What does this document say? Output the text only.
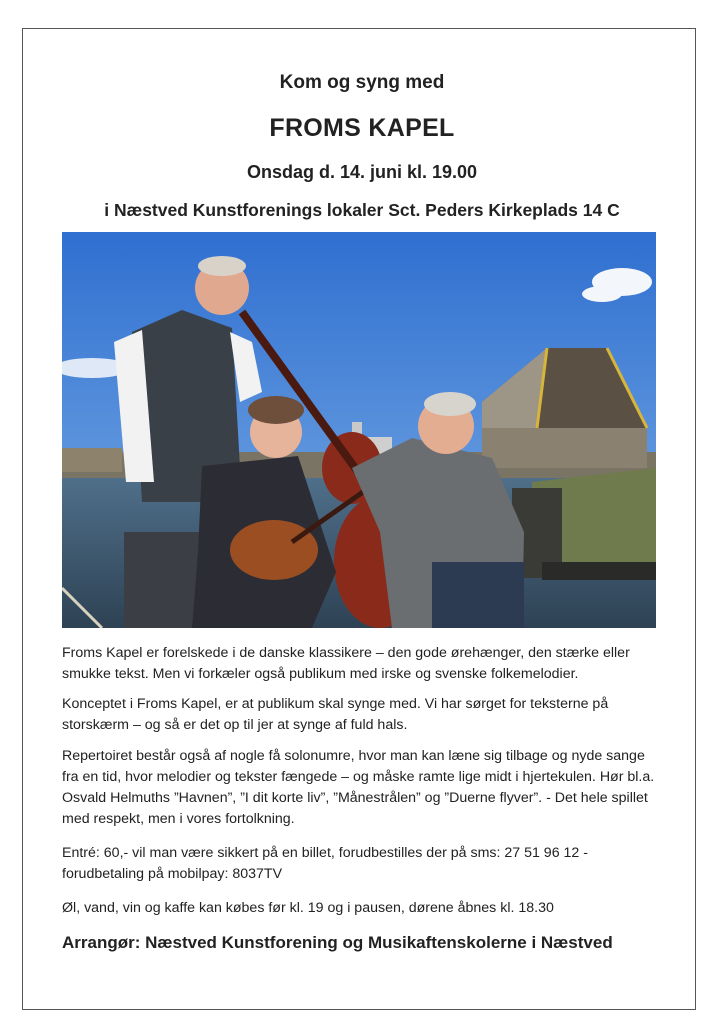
Kom og syng med
FROMS KAPEL
Onsdag d. 14. juni kl. 19.00
i Næstved Kunstforenings lokaler Sct. Peders Kirkeplads 14 C
Froms Kapel er forelskede i de danske klassikere – den gode ørehænger, den stærke eller smukke tekst. Men vi forkæler også publikum med irske og svenske folkemelodier.
Konceptet i Froms Kapel, er at publikum skal synge med. Vi har sørget for teksterne på storskærm – og så er det op til jer at synge af fuld hals.
Repertoiret består også af nogle få solonumre, hvor man kan læne sig tilbage og nyde sange fra en tid, hvor melodier og tekster fængede – og måske ramte lige midt i hjertekulen. Hør bl.a. Osvald Helmuths ”Havnen”, ”I dit korte liv”, ”Månestrålen” og ”Duerne flyver”. - Det hele spillet med respekt, men i vores fortolkning.
Entré: 60,- vil man være sikkert på en billet, forudbestilles der på sms: 27 51 96 12 - forudbetaling på mobilpay: 8037TV
Øl, vand, vin og kaffe kan købes før kl. 19 og i pausen, dørene åbnes kl. 18.30
Arrangør: Næstved Kunstforening og Musikaftenskolerne i Næstved
